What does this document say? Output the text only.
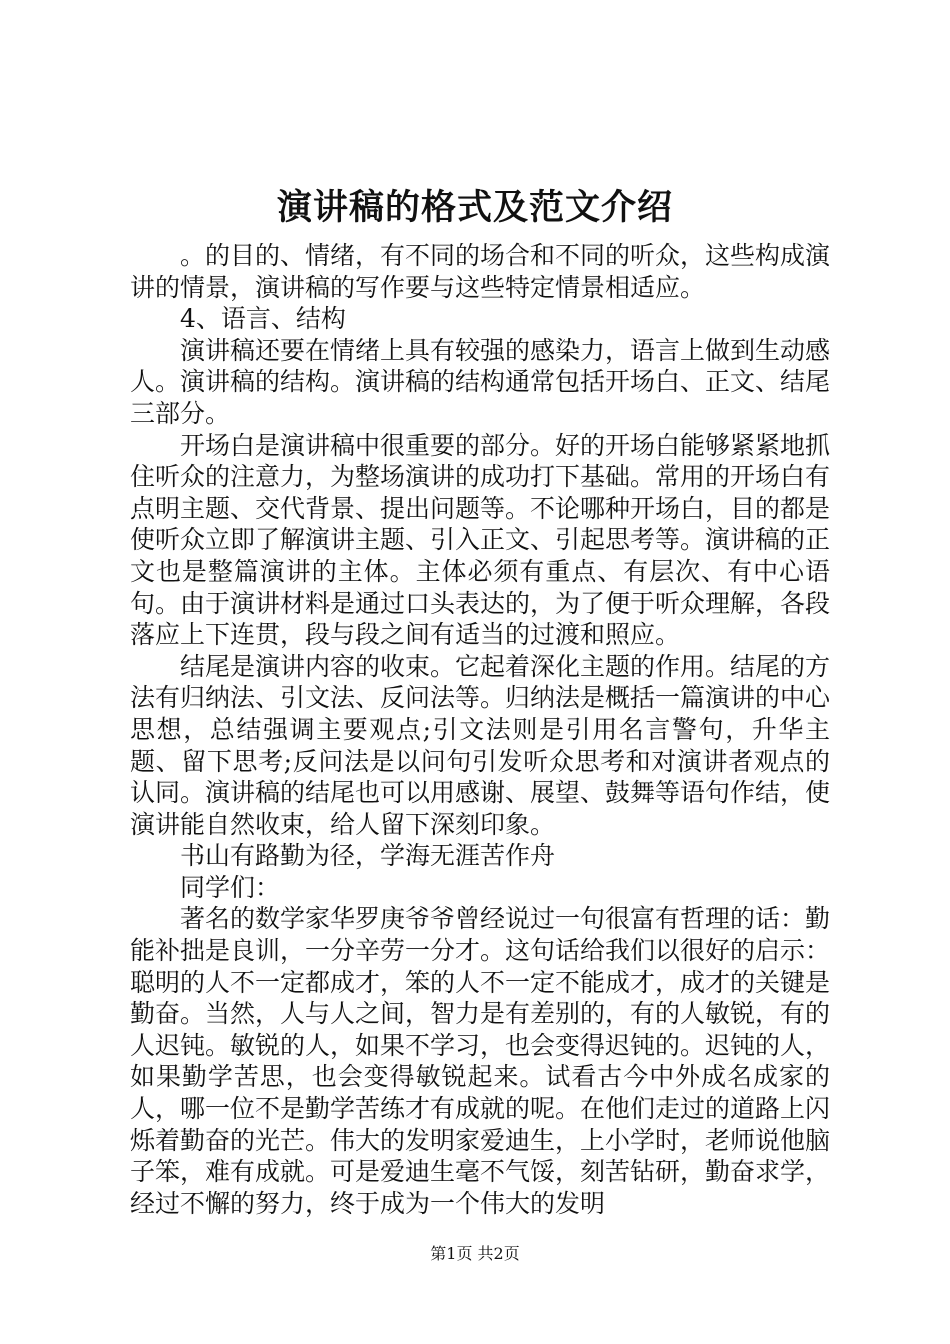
演讲稿的格式及范文介绍

。的目的、情绪，有不同的场合和不同的听众，这些构成演讲的情景，演讲稿的写作要与这些特定情景相适应。

4、语言、结构

演讲稿还要在情绪上具有较强的感染力，语言上做到生动感人。演讲稿的结构。演讲稿的结构通常包括开场白、正文、结尾三部分。

开场白是演讲稿中很重要的部分。好的开场白能够紧紧地抓住听众的注意力，为整场演讲的成功打下基础。常用的开场白有点明主题、交代背景、提出问题等。不论哪种开场白，目的都是使听众立即了解演讲主题、引入正文、引起思考等。演讲稿的正文也是整篇演讲的主体。主体必须有重点、有层次、有中心语句。由于演讲材料是通过口头表达的，为了便于听众理解，各段落应上下连贯，段与段之间有适当的过渡和照应。

结尾是演讲内容的收束。它起着深化主题的作用。结尾的方法有归纳法、引文法、反问法等。归纳法是概括一篇演讲的中心思想，总结强调主要观点;引文法则是引用名言警句，升华主题、留下思考;反问法是以问句引发听众思考和对演讲者观点的认同。演讲稿的结尾也可以用感谢、展望、鼓舞等语句作结，使演讲能自然收束，给人留下深刻印象。

书山有路勤为径，学海无涯苦作舟

同学们：

著名的数学家华罗庚爷爷曾经说过一句很富有哲理的话：勤能补拙是良训，一分辛劳一分才。这句话给我们以很好的启示：聪明的人不一定都成才，笨的人不一定不能成才，成才的关键是勤奋。当然，人与人之间，智力是有差别的，有的人敏锐，有的人迟钝。敏锐的人，如果不学习，也会变得迟钝的。迟钝的人，如果勤学苦思，也会变得敏锐起来。试看古今中外成名成家的人，哪一位不是勤学苦练才有成就的呢。在他们走过的道路上闪烁着勤奋的光芒。伟大的发明家爱迪生，上小学时，老师说他脑子笨，难有成就。可是爱迪生毫不气馁，刻苦钻研，勤奋求学，经过不懈的努力，终于成为一个伟大的发明

第1页 共2页
